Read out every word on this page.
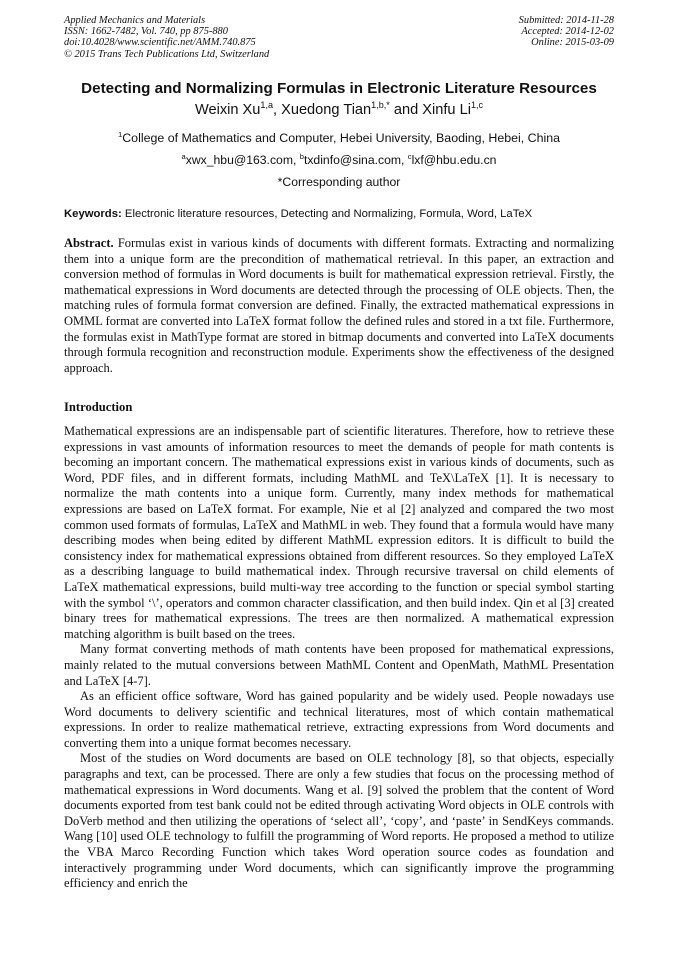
Applied Mechanics and Materials
ISSN: 1662-7482, Vol. 740, pp 875-880
doi:10.4028/www.scientific.net/AMM.740.875
© 2015 Trans Tech Publications Ltd, Switzerland
Submitted: 2014-11-28
Accepted: 2014-12-02
Online: 2015-03-09
Detecting and Normalizing Formulas in Electronic Literature Resources
Weixin Xu$^{1,a}$, Xuedong Tian$^{1,b,*}$ and Xinfu Li$^{1,c}$
$^1$College of Mathematics and Computer, Hebei University, Baoding, Hebei, China
$^a$xwx_hbu@163.com, $^b$txdinfo@sina.com, $^c$lxf@hbu.edu.cn
*Corresponding author
Keywords: Electronic literature resources, Detecting and Normalizing, Formula, Word, LaTeX
Abstract. Formulas exist in various kinds of documents with different formats. Extracting and normalizing them into a unique form are the precondition of mathematical retrieval. In this paper, an extraction and conversion method of formulas in Word documents is built for mathematical expression retrieval. Firstly, the mathematical expressions in Word documents are detected through the processing of OLE objects. Then, the matching rules of formula format conversion are defined. Finally, the extracted mathematical expressions in OMML format are converted into LaTeX format follow the defined rules and stored in a txt file. Furthermore, the formulas exist in MathType format are stored in bitmap documents and converted into LaTeX documents through formula recognition and reconstruction module. Experiments show the effectiveness of the designed approach.
Introduction

Mathematical expressions are an indispensable part of scientific literatures. Therefore, how to retrieve these expressions in vast amounts of information resources to meet the demands of people for math contents is becoming an important concern. The mathematical expressions exist in various kinds of documents, such as Word, PDF files, and in different formats, including MathML and TeX\LaTeX [1]. It is necessary to normalize the math contents into a unique form. Currently, many index methods for mathematical expressions are based on LaTeX format. For example, Nie et al [2] analyzed and compared the two most common used formats of formulas, LaTeX and MathML in web. They found that a formula would have many describing modes when being edited by different MathML expression editors. It is difficult to build the consistency index for mathematical expressions obtained from different resources. So they employed LaTeX as a describing language to build mathematical index. Through recursive traversal on child elements of LaTeX mathematical expressions, build multi-way tree according to the function or special symbol starting with the symbol ‘\’, operators and common character classification, and then build index. Qin et al [3] created binary trees for mathematical expressions. The trees are then normalized. A mathematical expression matching algorithm is built based on the trees.

Many format converting methods of math contents have been proposed for mathematical expressions, mainly related to the mutual conversions between MathML Content and OpenMath, MathML Presentation and LaTeX [4-7].

As an efficient office software, Word has gained popularity and be widely used. People nowadays use Word documents to delivery scientific and technical literatures, most of which contain mathematical expressions. In order to realize mathematical retrieve, extracting expressions from Word documents and converting them into a unique format becomes necessary.

Most of the studies on Word documents are based on OLE technology [8], so that objects, especially paragraphs and text, can be processed. There are only a few studies that focus on the processing method of mathematical expressions in Word documents. Wang et al. [9] solved the problem that the content of Word documents exported from test bank could not be edited through activating Word objects in OLE controls with DoVerb method and then utilizing the operations of ‘select all’, ‘copy’, and ‘paste’ in SendKeys commands. Wang [10] used OLE technology to fulfill the programming of Word reports. He proposed a method to utilize the VBA Marco Recording Function which takes Word operation source codes as foundation and interactively programming under Word documents, which can significantly improve the programming efficiency and enrich the
